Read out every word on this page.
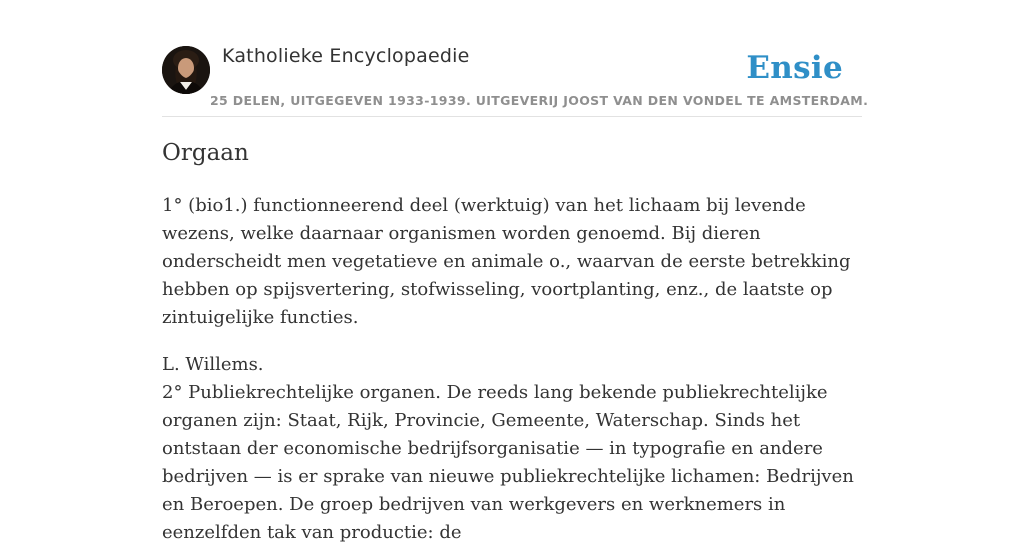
Katholieke Encyclopaedie
25 DELEN, UITGEGEVEN 1933-1939. UITGEVERIJ JOOST VAN DEN VONDEL TE AMSTERDAM.
Ensie
Orgaan

1° (bio1.) functionneerend deel (werktuig) van het lichaam bij levende wezens, welke daarnaar organismen worden genoemd. Bij dieren onderscheidt men vegetatieve en animale o., waarvan de eerste betrekking hebben op spijsvertering, stofwisseling, voortplanting, enz., de laatste op zintuigelijke functies.

L. Willems.
2° Publiekrechtelijke organen. De reeds lang bekende publiekrechtelijke organen zijn: Staat, Rijk, Provincie, Gemeente, Waterschap. Sinds het ontstaan der economische bedrijfsorganisatie — in typografie en andere bedrijven — is er sprake van nieuwe publiekrechtelijke lichamen: Bedrijven en Beroepen. De groep bedrijven van werkgevers en werknemers in eenzelfden tak van productie: de
